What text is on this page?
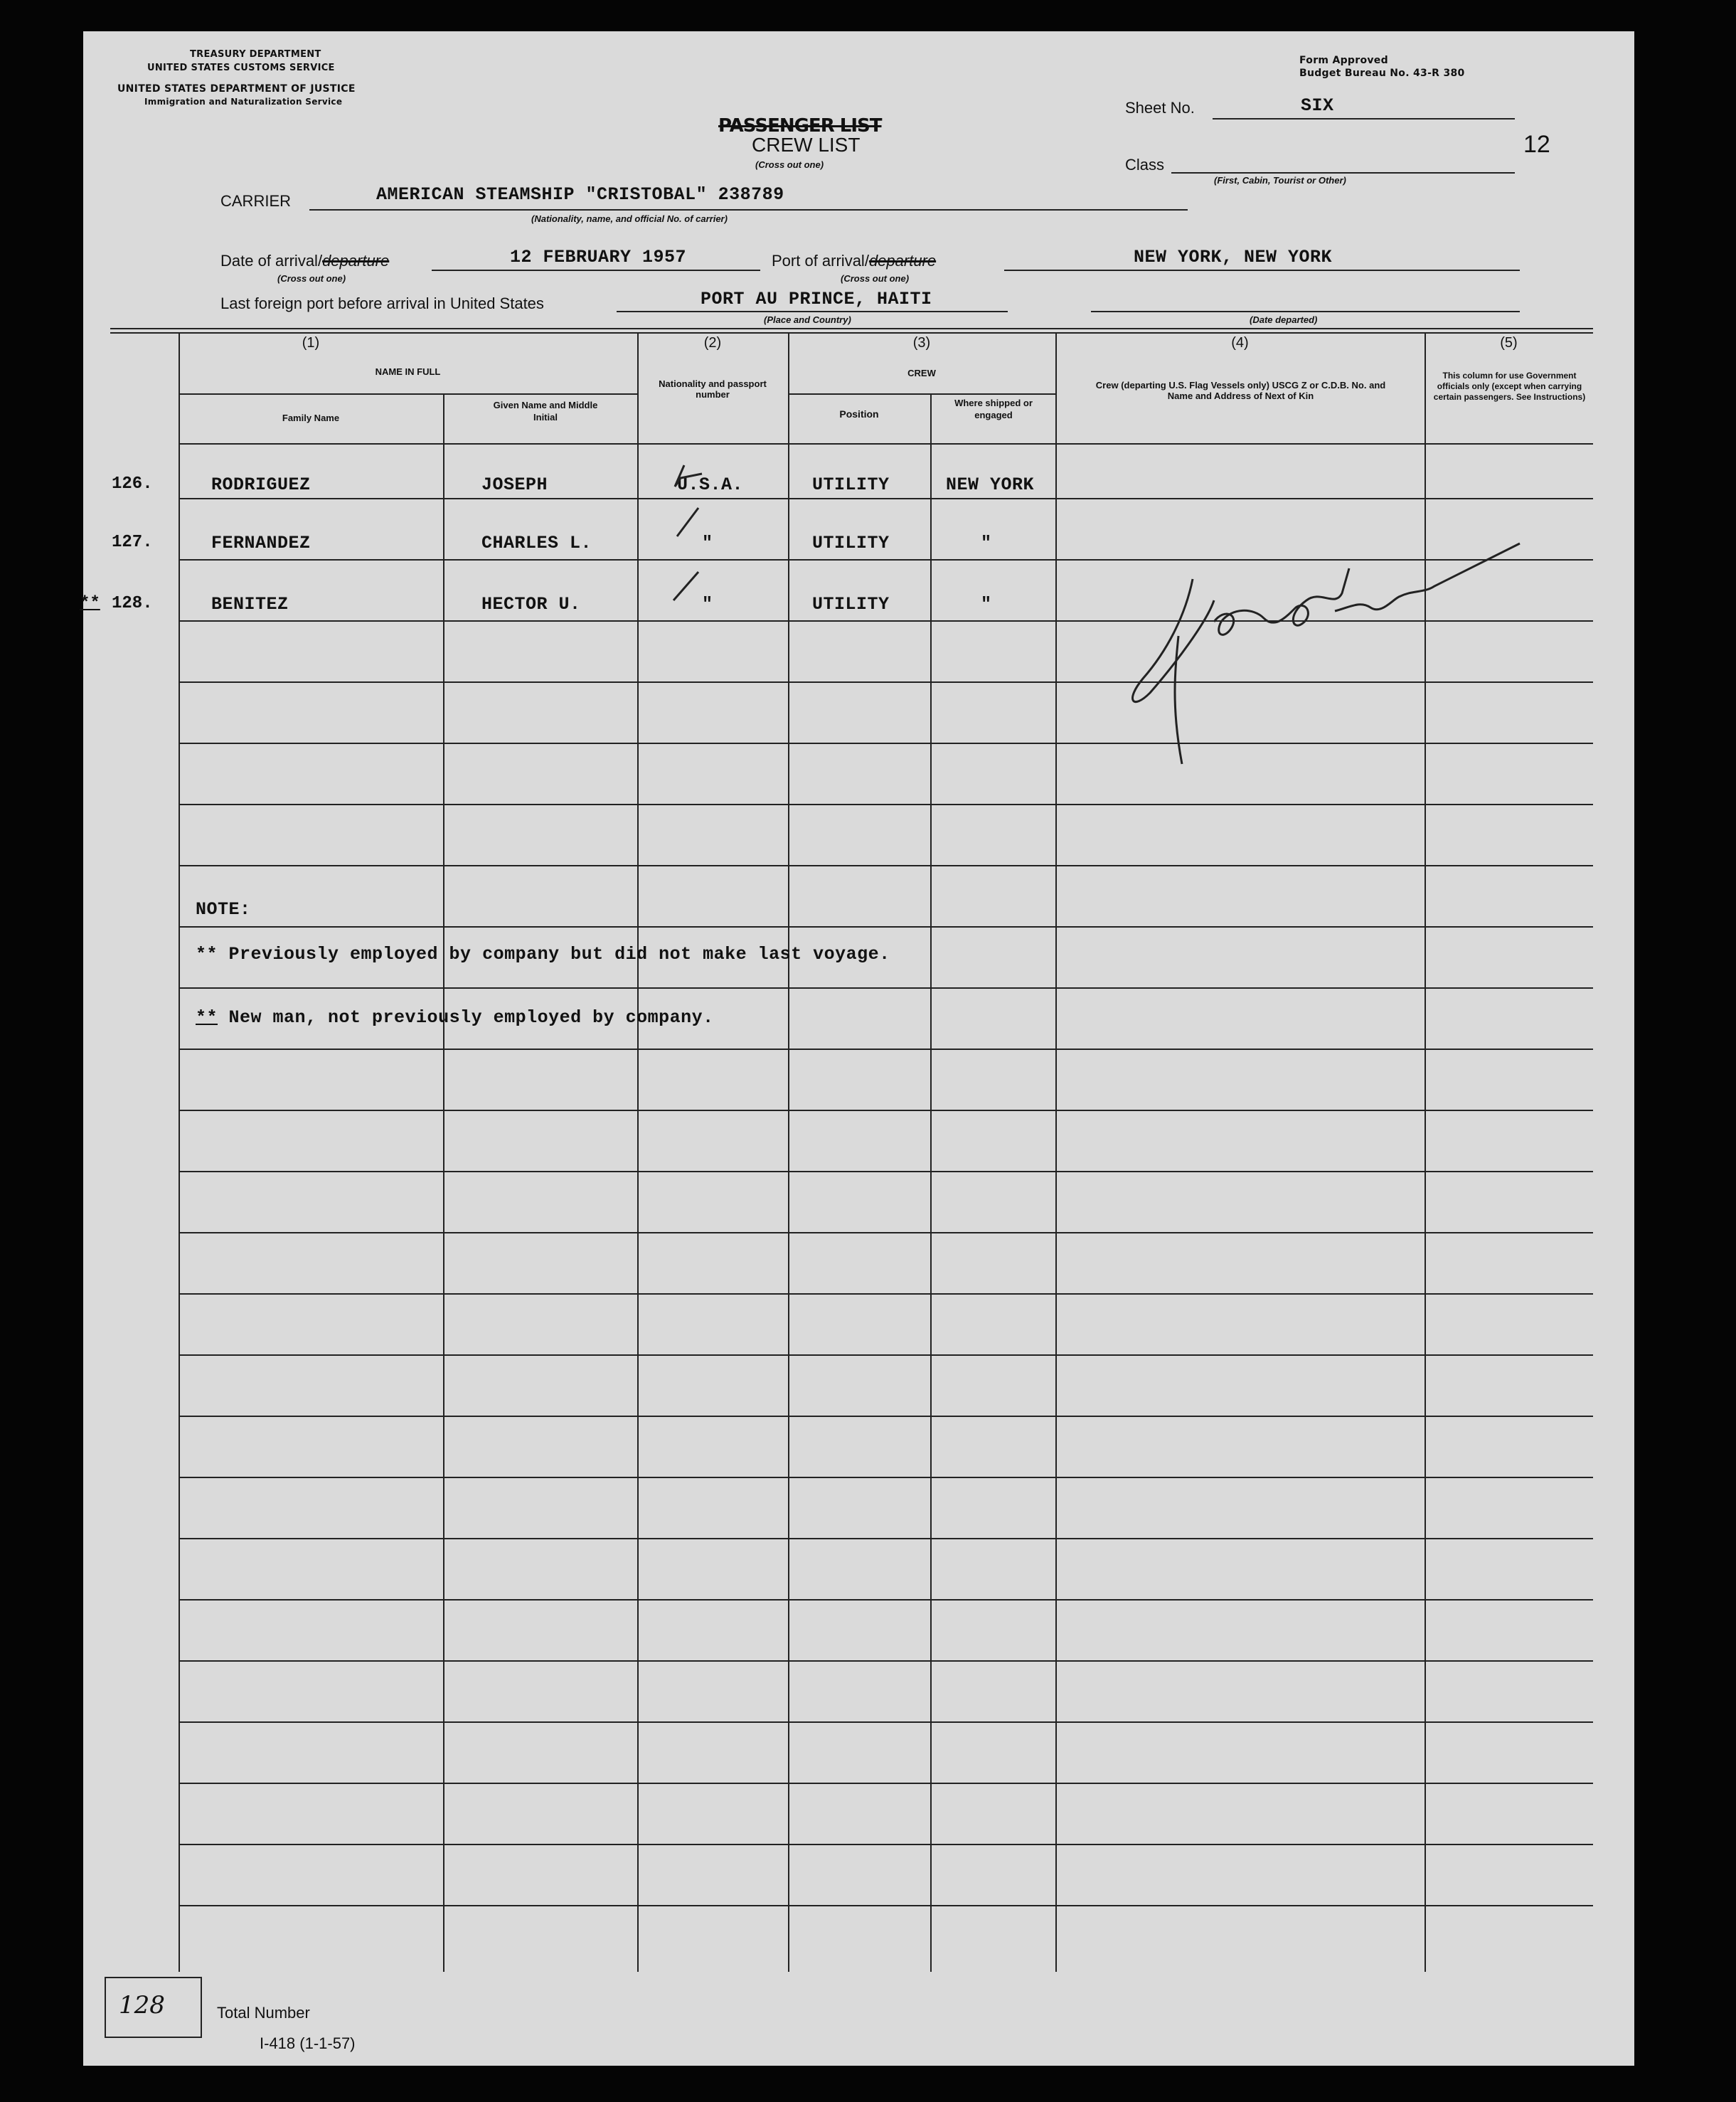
TREASURY DEPARTMENT
UNITED STATES CUSTOMS SERVICE
UNITED STATES DEPARTMENT OF JUSTICE
Immigration and Naturalization Service
Form Approved
Budget Bureau No. 43-R 380
PASSENGER LIST
CREW LIST
(Cross out one)
Sheet No.	SIX
12
Class
(First, Cabin, Tourist or Other)
CARRIER	AMERICAN STEAMSHIP "CRISTOBAL" 238789
(Nationality, name, and official No. of carrier)
Date of arrival/departure
(Cross out one)
12 FEBRUARY 1957	Port of arrival/departure
(Cross out one)
NEW YORK, NEW YORK
Last foreign port before arrival in United States	PORT AU PRINCE, HAITI
(Place and Country)	(Date departed)
(1)
NAME IN FULL
Family Name
Given Name and Middle Initial
(2)
Nationality and passport number
(3)
CREW
Position
Where shipped or engaged
(4)
Crew (departing U.S. Flag Vessels only) USCG Z or C.D.B. No. and Name and Address of Next of Kin
(5)
This column for use Government officials only (except when carrying certain passengers. See Instructions)
126.	RODRIGUEZ	JOSEPH	U.S.A.	UTILITY	NEW YORK
127.	FERNANDEZ	CHARLES L.	"	UTILITY	"
** 128.	BENITEZ	HECTOR U.	"	UTILITY	"
NOTE:
** Previously employed by company but did not make last voyage.
** New man, not previously employed by company.
128	Total Number
I-418 (1-1-57)
